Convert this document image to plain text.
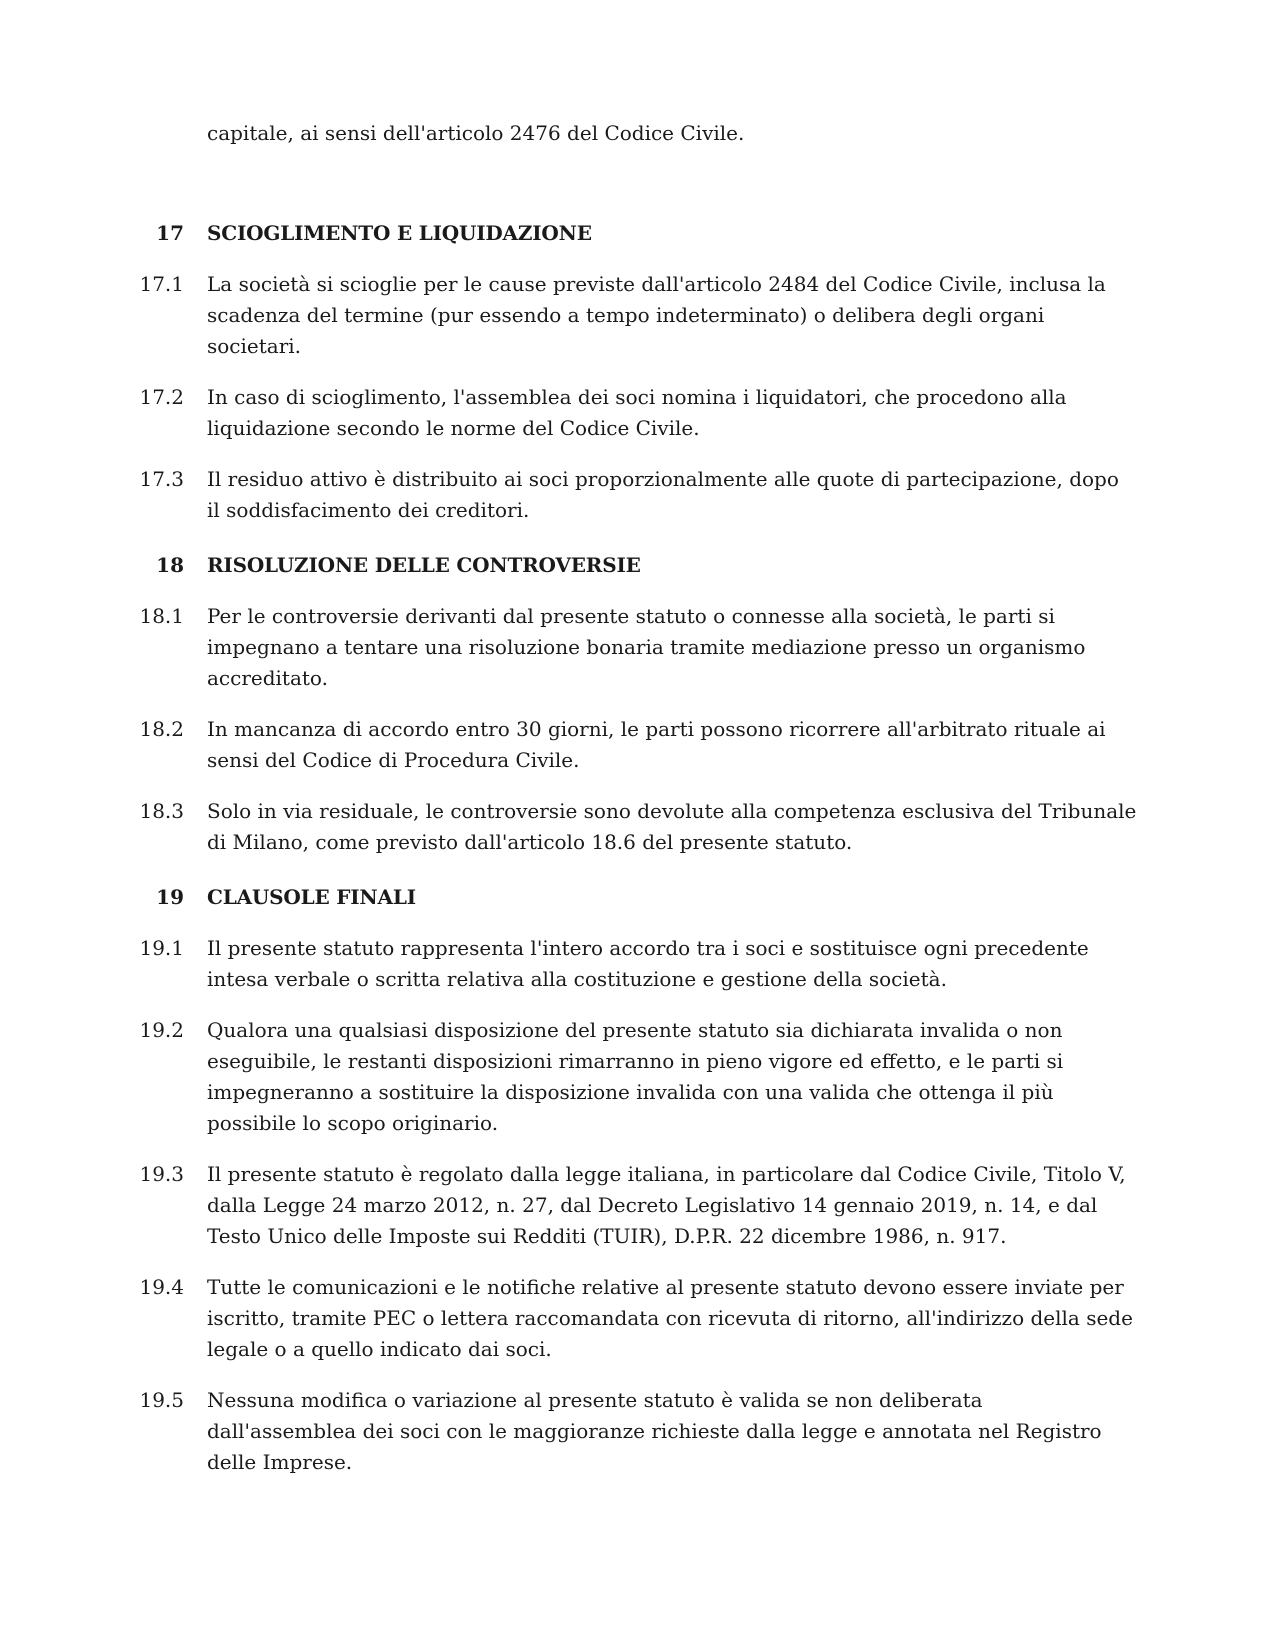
capitale, ai sensi dell'articolo 2476 del Codice Civile.
17 SCIOGLIMENTO E LIQUIDAZIONE
17.1 La società si scioglie per le cause previste dall'articolo 2484 del Codice Civile, inclusa la scadenza del termine (pur essendo a tempo indeterminato) o delibera degli organi societari.
17.2 In caso di scioglimento, l'assemblea dei soci nomina i liquidatori, che procedono alla liquidazione secondo le norme del Codice Civile.
17.3 Il residuo attivo è distribuito ai soci proporzionalmente alle quote di partecipazione, dopo il soddisfacimento dei creditori.
18 RISOLUZIONE DELLE CONTROVERSIE
18.1 Per le controversie derivanti dal presente statuto o connesse alla società, le parti si impegnano a tentare una risoluzione bonaria tramite mediazione presso un organismo accreditato.
18.2 In mancanza di accordo entro 30 giorni, le parti possono ricorrere all'arbitrato rituale ai sensi del Codice di Procedura Civile.
18.3 Solo in via residuale, le controversie sono devolute alla competenza esclusiva del Tribunale di Milano, come previsto dall'articolo 18.6 del presente statuto.
19 CLAUSOLE FINALI
19.1 Il presente statuto rappresenta l'intero accordo tra i soci e sostituisce ogni precedente intesa verbale o scritta relativa alla costituzione e gestione della società.
19.2 Qualora una qualsiasi disposizione del presente statuto sia dichiarata invalida o non eseguibile, le restanti disposizioni rimarranno in pieno vigore ed effetto, e le parti si impegneranno a sostituire la disposizione invalida con una valida che ottenga il più possibile lo scopo originario.
19.3 Il presente statuto è regolato dalla legge italiana, in particolare dal Codice Civile, Titolo V, dalla Legge 24 marzo 2012, n. 27, dal Decreto Legislativo 14 gennaio 2019, n. 14, e dal Testo Unico delle Imposte sui Redditi (TUIR), D.P.R. 22 dicembre 1986, n. 917.
19.4 Tutte le comunicazioni e le notifiche relative al presente statuto devono essere inviate per iscritto, tramite PEC o lettera raccomandata con ricevuta di ritorno, all'indirizzo della sede legale o a quello indicato dai soci.
19.5 Nessuna modifica o variazione al presente statuto è valida se non deliberata dall'assemblea dei soci con le maggioranze richieste dalla legge e annotata nel Registro delle Imprese.
